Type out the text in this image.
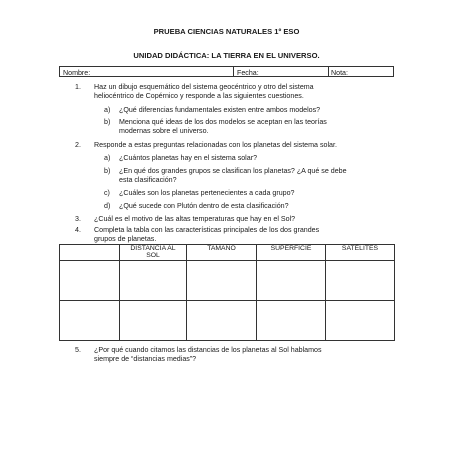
PRUEBA CIENCIAS NATURALES 1º ESO
UNIDAD DIDÁCTICA: LA TIERRA EN EL UNIVERSO.
Nombre:	Fecha:	Nota:
1. Haz un dibujo esquemático del sistema geocéntrico y otro del sistema
heliocéntrico de Copérnico y responde a las siguientes cuestiones.
a) ¿Qué diferencias fundamentales existen entre ambos modelos?
b) Menciona qué ideas de los dos modelos se aceptan en las teorías
modernas sobre el universo.
2. Responde a estas preguntas relacionadas con los planetas del sistema solar.
a) ¿Cuántos planetas hay en el sistema solar?
b) ¿En qué dos grandes grupos se clasifican los planetas? ¿A qué se debe
esta clasificación?
c) ¿Cuáles son los planetas pertenecientes a cada grupo?
d) ¿Qué sucede con Plutón dentro de esta clasificación?
3. ¿Cuál es el motivo de las altas temperaturas que hay en el Sol?
4. Completa la tabla con las características principales de los dos grandes
grupos de planetas.
	DISTANCIA AL
SOL	TAMAÑO	SUPERFICIE	SATÉLITES

5. ¿Por qué cuando citamos las distancias de los planetas al Sol hablamos
siempre de “distancias medias”?
